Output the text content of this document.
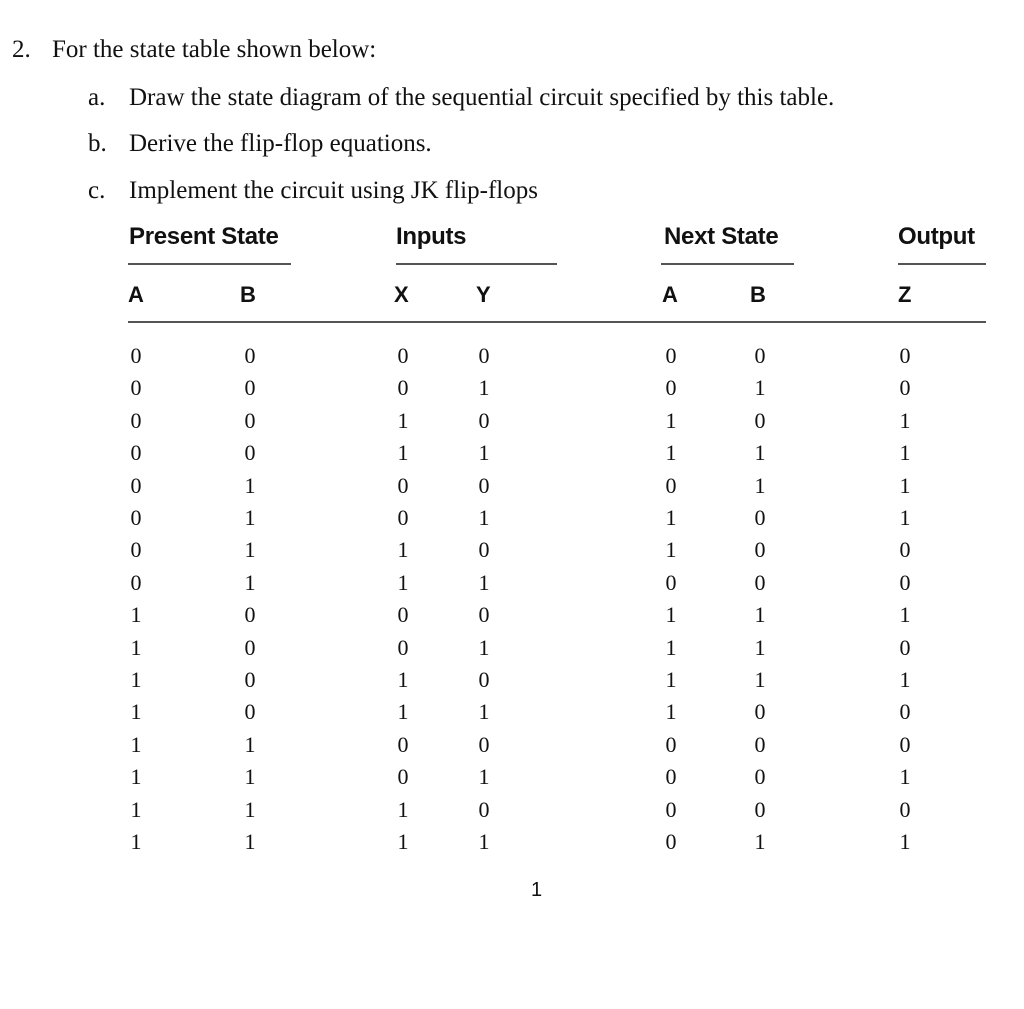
2. For the state table shown below:
a. Draw the state diagram of the sequential circuit specified by this table.
b. Derive the flip-flop equations.
c. Implement the circuit using JK flip-flops
Present State	Inputs	Next State	Output
A	B	X	Y	A	B	Z
0	0	0	0	0	0	0
0	0	0	1	0	1	0
0	0	1	0	1	0	1
0	0	1	1	1	1	1
0	1	0	0	0	1	1
0	1	0	1	1	0	1
0	1	1	0	1	0	0
0	1	1	1	0	0	0
1	0	0	0	1	1	1
1	0	0	1	1	1	0
1	0	1	0	1	1	1
1	0	1	1	1	0	0
1	1	0	0	0	0	0
1	1	0	1	0	0	1
1	1	1	0	0	0	0
1	1	1	1	0	1	1
1
